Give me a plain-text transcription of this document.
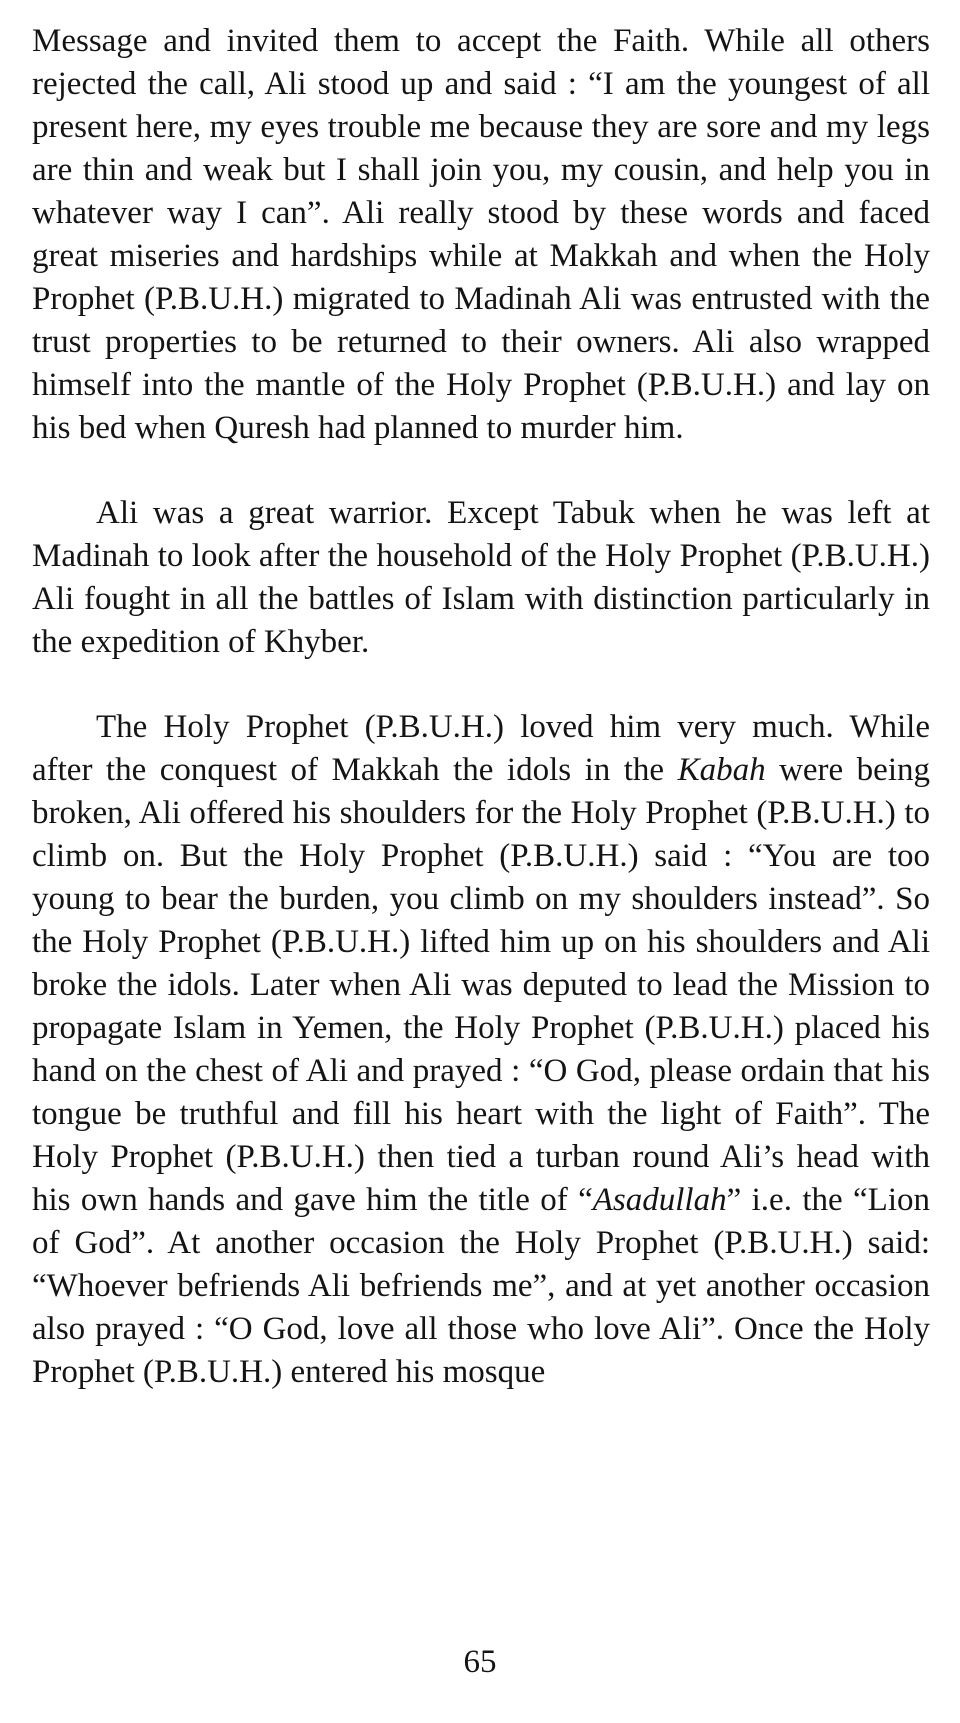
Message and invited them to accept the Faith. While all others rejected the call, Ali stood up and said : “I am the youngest of all present here, my eyes trouble me because they are sore and my legs are thin and weak but I shall join you, my cousin, and help you in whatever way I can”. Ali really stood by these words and faced great miseries and hardships while at Makkah and when the Holy Prophet (P.B.U.H.) migrated to Madinah Ali was entrusted with the trust properties to be returned to their owners. Ali also wrapped himself into the mantle of the Holy Prophet (P.B.U.H.) and lay on his bed when Quresh had planned to murder him.

Ali was a great warrior. Except Tabuk when he was left at Madinah to look after the household of the Holy Prophet (P.B.U.H.) Ali fought in all the battles of Islam with distinction particularly in the expedition of Khyber.

The Holy Prophet (P.B.U.H.) loved him very much. While after the conquest of Makkah the idols in the Kabah were being broken, Ali offered his shoulders for the Holy Prophet (P.B.U.H.) to climb on. But the Holy Prophet (P.B.U.H.) said : “You are too young to bear the burden, you climb on my shoulders instead”. So the Holy Prophet (P.B.U.H.) lifted him up on his shoulders and Ali broke the idols. Later when Ali was deputed to lead the Mission to propagate Islam in Yemen, the Holy Prophet (P.B.U.H.) placed his hand on the chest of Ali and prayed : “O God, please ordain that his tongue be truthful and fill his heart with the light of Faith”. The Holy Prophet (P.B.U.H.) then tied a turban round Ali’s head with his own hands and gave him the title of “Asadullah” i.e. the “Lion of God”. At another occasion the Holy Prophet (P.B.U.H.) said: “Whoever befriends Ali befriends me”, and at yet another occasion also prayed : “O God, love all those who love Ali”. Once the Holy Prophet (P.B.U.H.) entered his mosque

65
